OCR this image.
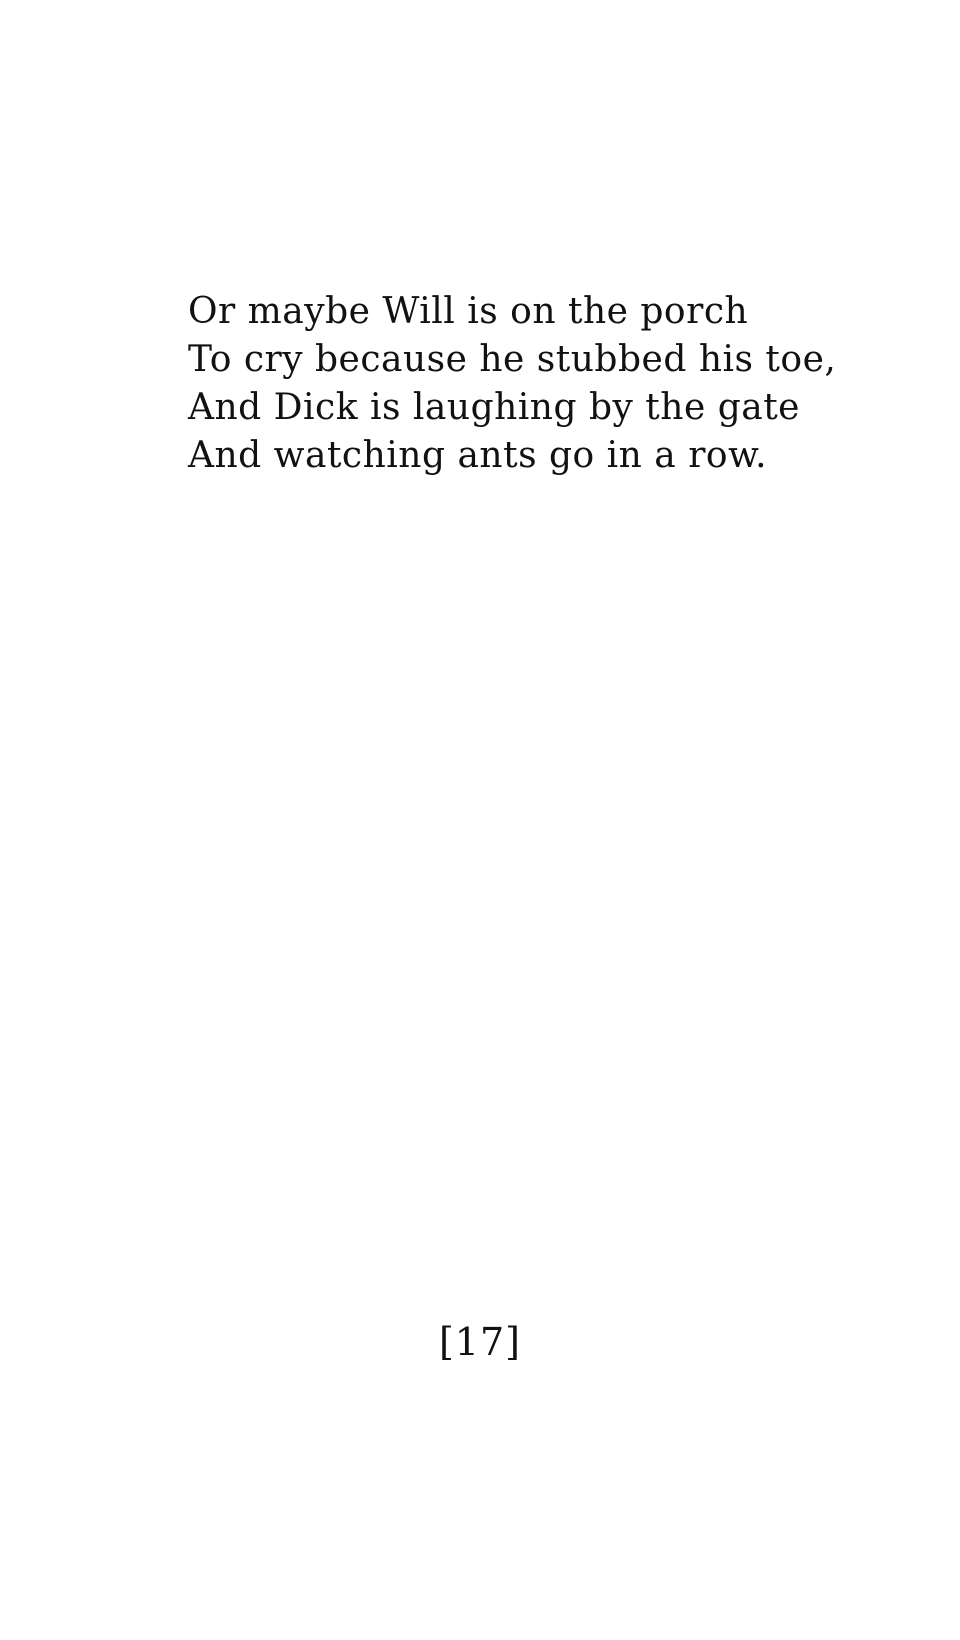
Or maybe Will is on the porch
To cry because he stubbed his toe,
And Dick is laughing by the gate
And watching ants go in a row.
[17]
